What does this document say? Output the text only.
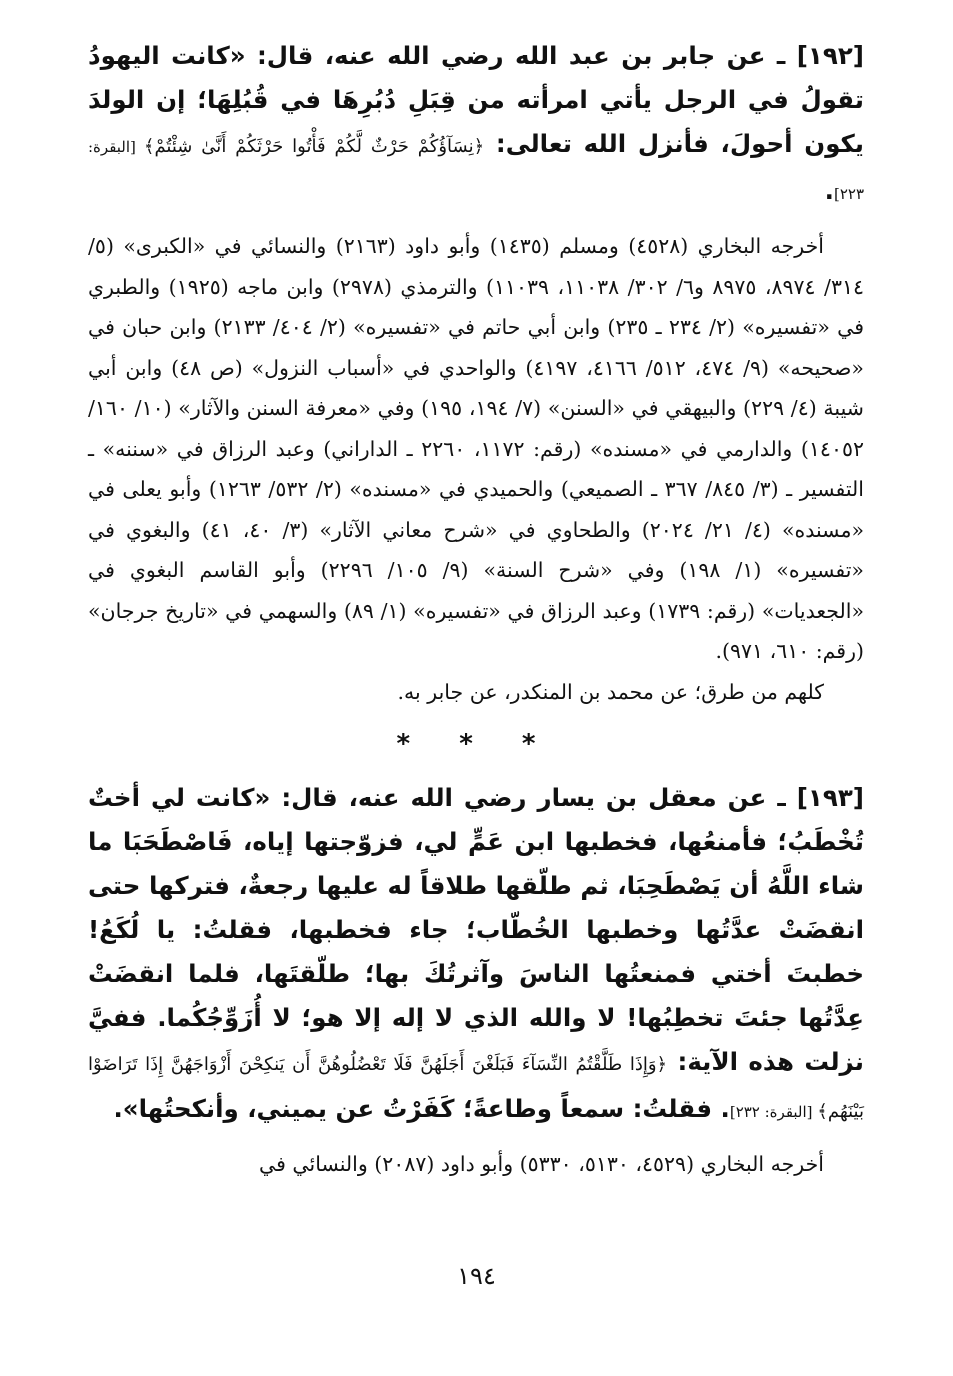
[١٩٢] ـ عن جابر بن عبد الله رضي الله عنه، قال: «كانت اليهودُ تقولُ في الرجل يأتي امرأته من قِبَلِ دُبُرِهَا في قُبُلِهَا؛ إن الولدَ يكون أحولَ، فأنزل الله تعالى: ﴿نِسَآؤُكُمْ حَرْثٌ لَّكُمْ فَأْتُوا حَرْثَكُمْ أَنَّىٰ شِئْتُمْ﴾ [البقرة: ٢٢٣].

أخرجه البخاري (٤٥٢٨) ومسلم (١٤٣٥) وأبو داود (٢١٦٣) والنسائي في «الكبرى» (٥/ ٣١٤/ ٨٩٧٤، ٨٩٧٥ و٦/ ٣٠٢/ ١١٠٣٨، ١١٠٣٩) والترمذي (٢٩٧٨) وابن ماجه (١٩٢٥) والطبري في «تفسيره» (٢/ ٢٣٤ ـ ٢٣٥) وابن أبي حاتم في «تفسيره» (٢/ ٤٠٤/ ٢١٣٣) وابن حبان في «صحيحه» (٩/ ٤٧٤، ٥١٢/ ٤١٦٦، ٤١٩٧) والواحدي في «أسباب النزول» (ص ٤٨) وابن أبي شيبة (٤/ ٢٢٩) والبيهقي في «السنن» (٧/ ١٩٤، ١٩٥) وفي «معرفة السنن والآثار» (١٠/ ١٦٠/ ١٤٠٥٢) والدارمي في «مسنده» (رقم: ١١٧٢، ٢٢٦٠ ـ الداراني) وعبد الرزاق في «سننه» ـ التفسير ـ (٣/ ٨٤٥/ ٣٦٧ ـ الصميعي) والحميدي في «مسنده» (٢/ ٥٣٢/ ١٢٦٣) وأبو يعلى في «مسنده» (٤/ ٢١/ ٢٠٢٤) والطحاوي في «شرح معاني الآثار» (٣/ ٤٠، ٤١) والبغوي في «تفسيره» (١/ ١٩٨) وفي «شرح السنة» (٩/ ١٠٥/ ٢٢٩٦) وأبو القاسم البغوي في «الجعديات» (رقم: ١٧٣٩) وعبد الرزاق في «تفسيره» (١/ ٨٩) والسهمي في «تاريخ جرجان» (رقم: ٦١٠، ٩٧١).

كلهم من طرق؛ عن محمد بن المنكدر، عن جابر به.

* * *

[١٩٣] ـ عن معقل بن يسار رضي الله عنه، قال: «كانت لي أختٌ تُخْطَبُ؛ فأمنعُها، فخطبها ابن عَمٍّ لي، فزوّجتها إياه، فَاصْطَحَبَا ما شاء اللَّهُ أن يَصْطَحِبَا، ثم طلّقها طلاقاً له عليها رجعةٌ، فتركها حتى انقضَتْ عدَّتُها وخطبها الخُطّاب؛ جاء فخطبها، فقلتُ: يا لُكَعُ! خطبتَ أختي فمنعتُها الناسَ وآثرتُكَ بها؛ طلّقتَها، فلما انقضَتْ عِدَّتُها جئتَ تخطِبُها! لا والله الذي لا إله إلا هو؛ لا أُزَوِّجُكُما. ففيَّ نزلت هذه الآية: ﴿وَإِذَا طَلَّقْتُمُ النِّسَآءَ فَبَلَغْنَ أَجَلَهُنَّ فَلَا تَعْضُلُوهُنَّ أَن يَنكِحْنَ أَزْوَاجَهُنَّ إِذَا تَرَاضَوْا بَيْنَهُم﴾ [البقرة: ٢٣٢]. فقلتُ: سمعاً وطاعةً؛ كَفَرْتُ عن يميني، وأنكحتُها».

أخرجه البخاري (٤٥٢٩، ٥١٣٠، ٥٣٣٠) وأبو داود (٢٠٨٧) والنسائي في

١٩٤
